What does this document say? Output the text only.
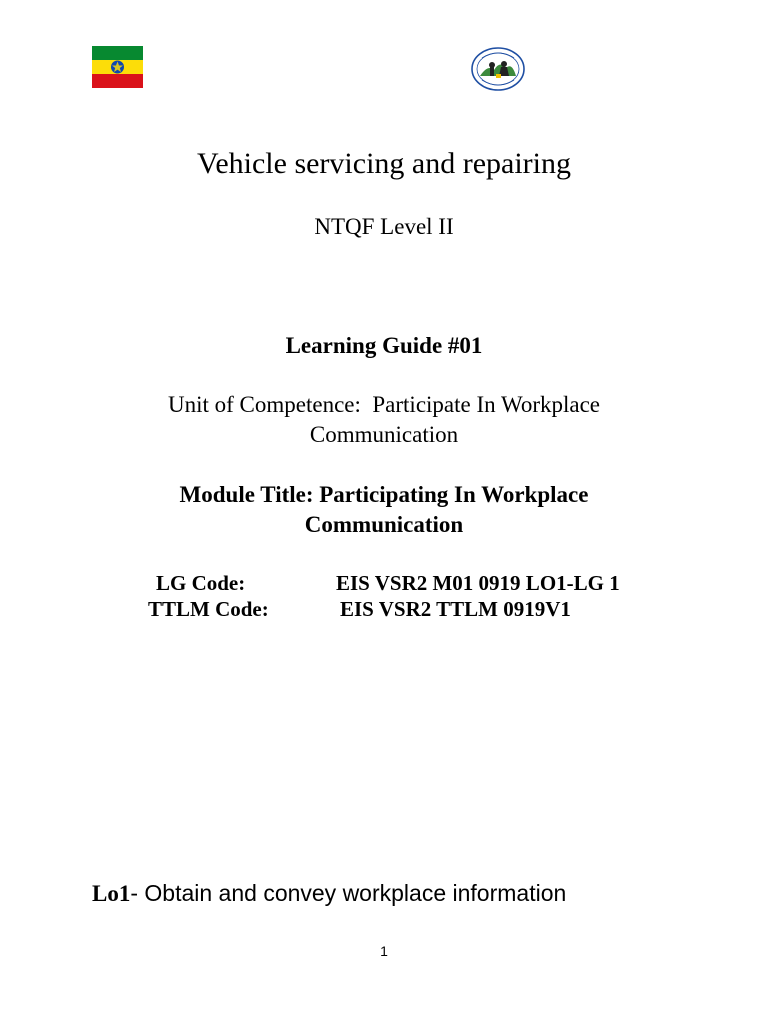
Vehicle servicing and repairing
NTQF Level II
Learning Guide #01
Unit of Competence:  Participate In Workplace
Communication
Module Title: Participating In Workplace
Communication
LG Code:	EIS VSR2 M01 0919 LO1-LG 1
TTLM Code:	EIS VSR2 TTLM 0919V1
Lo1- Obtain and convey workplace information
1
